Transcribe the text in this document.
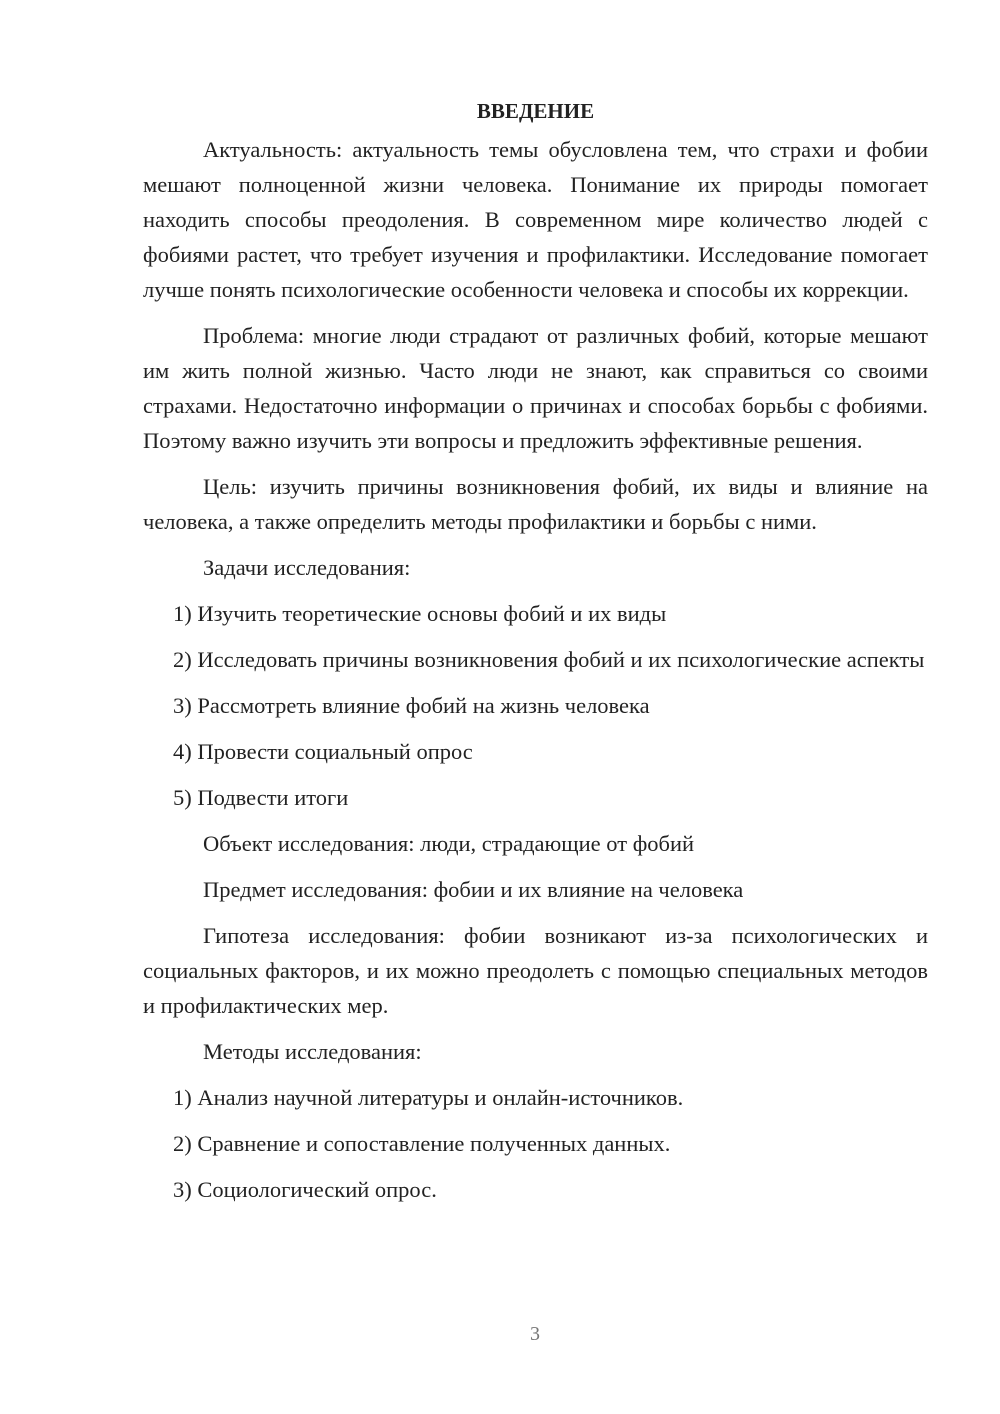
ВВЕДЕНИЕ

Актуальность: актуальность темы обусловлена тем, что страхи и фобии мешают полноценной жизни человека. Понимание их природы помогает находить способы преодоления. В современном мире количество людей с фобиями растет, что требует изучения и профилактики. Исследование помогает лучше понять психологические особенности человека и способы их коррекции.

Проблема: многие люди страдают от различных фобий, которые мешают им жить полной жизнью. Часто люди не знают, как справиться со своими страхами. Недостаточно информации о причинах и способах борьбы с фобиями. Поэтому важно изучить эти вопросы и предложить эффективные решения.

Цель: изучить причины возникновения фобий, их виды и влияние на человека, а также определить методы профилактики и борьбы с ними.

Задачи исследования:
1) Изучить теоретические основы фобий и их виды
2) Исследовать причины возникновения фобий и их психологические аспекты
3) Рассмотреть влияние фобий на жизнь человека
4) Провести социальный опрос
5) Подвести итоги
Объект исследования: люди, страдающие от фобий
Предмет исследования: фобии и их влияние на человека

Гипотеза исследования: фобии возникают из-за психологических и социальных факторов, и их можно преодолеть с помощью специальных методов и профилактических мер.

Методы исследования:
1) Анализ научной литературы и онлайн-источников.
2) Сравнение и сопоставление полученных данных.
3) Социологический опрос.
3
